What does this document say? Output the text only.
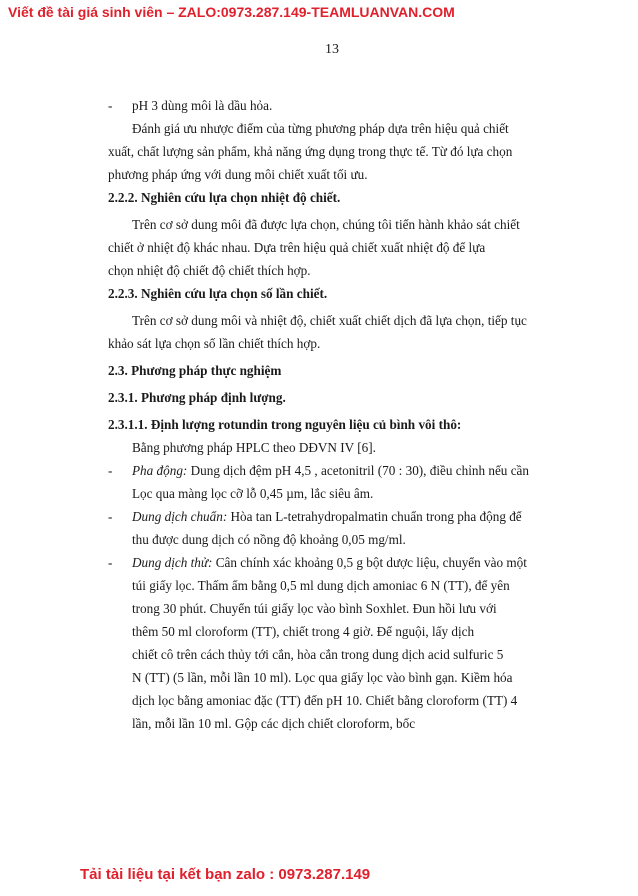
Viết đề tài giá sinh viên – ZALO:0973.287.149-TEAMLUANVAN.COM
13
-	pH 3 dùng môi là dầu hỏa.
Đánh giá ưu nhược điểm của từng phương pháp dựa trên hiệu quả chiết
xuất, chất lượng sản phẩm, khả năng ứng dụng trong thực tế. Từ đó lựa chọn
phương pháp ứng với dung môi chiết xuất tối ưu.
2.2.2. Nghiên cứu lựa chọn nhiệt độ chiết.
Trên cơ sở dung môi đã được lựa chọn, chúng tôi tiến hành khảo sát chiết
chiết ở nhiệt độ khác nhau. Dựa trên hiệu quả chiết xuất nhiệt độ để lựa
chọn nhiệt độ chiết độ chiết thích hợp.
2.2.3. Nghiên cứu lựa chọn số lần chiết.
Trên cơ sở dung môi và nhiệt độ, chiết xuất chiết dịch đã lựa chọn, tiếp tục
khảo sát lựa chọn số lần chiết thích hợp.
2.3. Phương pháp thực nghiệm
2.3.1. Phương pháp định lượng.
2.3.1.1. Định lượng rotundin trong nguyên liệu củ bình vôi thô:
Bằng phương pháp HPLC theo DĐVN IV [6].
-	Pha động: Dung dịch đệm pH 4,5 , acetonitril (70 : 30), điều chỉnh nếu cần
Lọc qua màng lọc cỡ lỗ 0,45 µm, lắc siêu âm.
-	Dung dịch chuẩn: Hòa tan L-tetrahydropalmatin chuẩn trong pha động để
thu được dung dịch có nồng độ khoảng 0,05 mg/ml.
-	Dung dịch thử: Cân chính xác khoảng 0,5 g bột dược liệu, chuyển vào một
túi giấy lọc. Thấm ẩm bằng 0,5 ml dung dịch amoniac 6 N (TT), để yên
trong 30 phút. Chuyển túi giấy lọc vào bình Soxhlet. Đun hồi lưu với
thêm 50 ml cloroform (TT), chiết trong 4 giờ. Để nguội, lấy dịch
chiết cô trên cách thủy tới cắn, hòa cắn trong dung dịch acid sulfuric 5
N (TT) (5 lần, mỗi lần 10 ml). Lọc qua giấy lọc vào bình gạn. Kiềm hóa
dịch lọc bằng amoniac đặc (TT) đến pH 10. Chiết bằng cloroform (TT) 4
lần, mỗi lần 10 ml. Gộp các dịch chiết cloroform, bốc
Tải tài liệu tại kết bạn zalo : 0973.287.149
